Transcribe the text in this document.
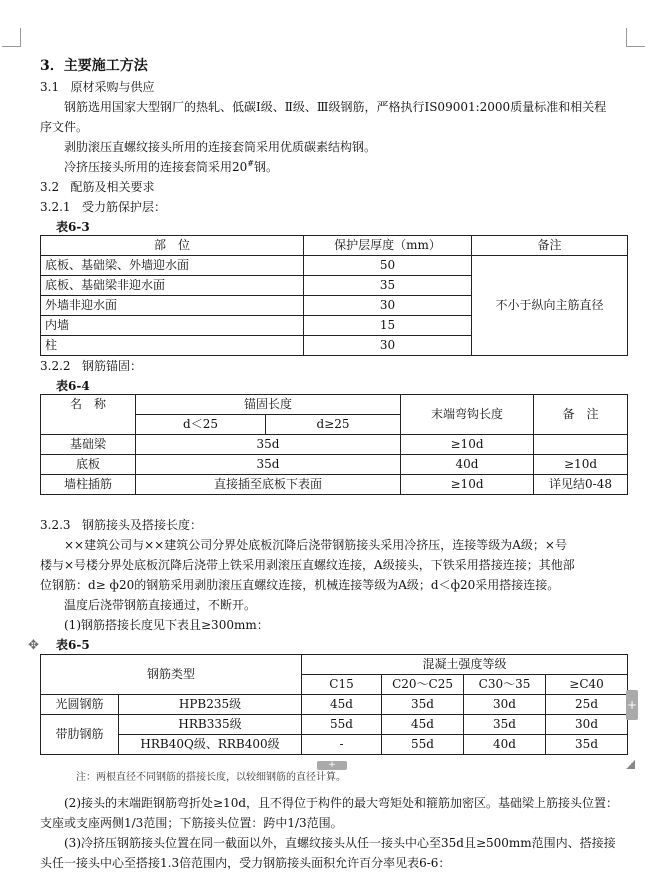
3．主要施工方法
3.1 原材采购与供应
钢筋选用国家大型钢厂的热轧、低碳Ⅰ级、Ⅱ级、Ⅲ级钢筋，严格执行IS09001:2000质量标准和相关程
序文件。
剥肋滚压直螺纹接头所用的连接套筒采用优质碳素结构钢。
冷挤压接头所用的连接套筒采用20#钢。
3.2 配筋及相关要求
3.2.1 受力筋保护层：
表6-3
部　位	保护层厚度（mm）	备注
底板、基础梁、外墙迎水面	50	不小于纵向主筋直径
底板、基础梁非迎水面	35	
外墙非迎水面	30	
内墙	15	
柱	30	
3.2.2 钢筋锚固：
表6-4
名　称	锚固长度		末端弯钩长度	备　注
	d＜25	d≥25		
基础梁	35d		≥10d	
底板	35d		40d	≥10d
墙柱插筋	直接插至底板下表面		≥10d	详见结0-48
3.2.3 钢筋接头及搭接长度：
××建筑公司与××建筑公司分界处底板沉降后浇带钢筋接头采用冷挤压，连接等级为A级；×号
楼与×号楼分界处底板沉降后浇带上铁采用剥滚压直螺纹连接，A级接头，下铁采用搭接连接；其他部
位钢筋：d≥ ф20的钢筋采用剥肋滚压直螺纹连接，机械连接等级为A级；d＜ф20采用搭接连接。
温度后浇带钢筋直接通过，不断开。
(1)钢筋搭接长度见下表且≥300mm：
✥ 表6-5
钢筋类型		混凝土强度等级			
		C15	C20～C25	C30～35	≥C40
光圆钢筋	HPB235级	45d	35d	30d	25d
带肋钢筋	HRB335级	55d	45d	35d	30d
	HRB40Q级、RRB400级	-	55d	40d	35d
+
+
注：两根直径不同钢筋的搭接长度，以较细钢筋的直径计算。
(2)接头的末端距钢筋弯折处≥10d，且不得位于构件的最大弯矩处和箍筋加密区。基础梁上筋接头位置：
支座或支座两侧1/3范围；下筋接头位置：跨中1/3范围。
(3)冷挤压钢筋接头位置在同一截面以外，直螺纹接头从任一接头中心至35d且≥500mm范围内、搭接接
头任一接头中心至搭接1.3倍范围内，受力钢筋接头面积允许百分率见表6-6：
